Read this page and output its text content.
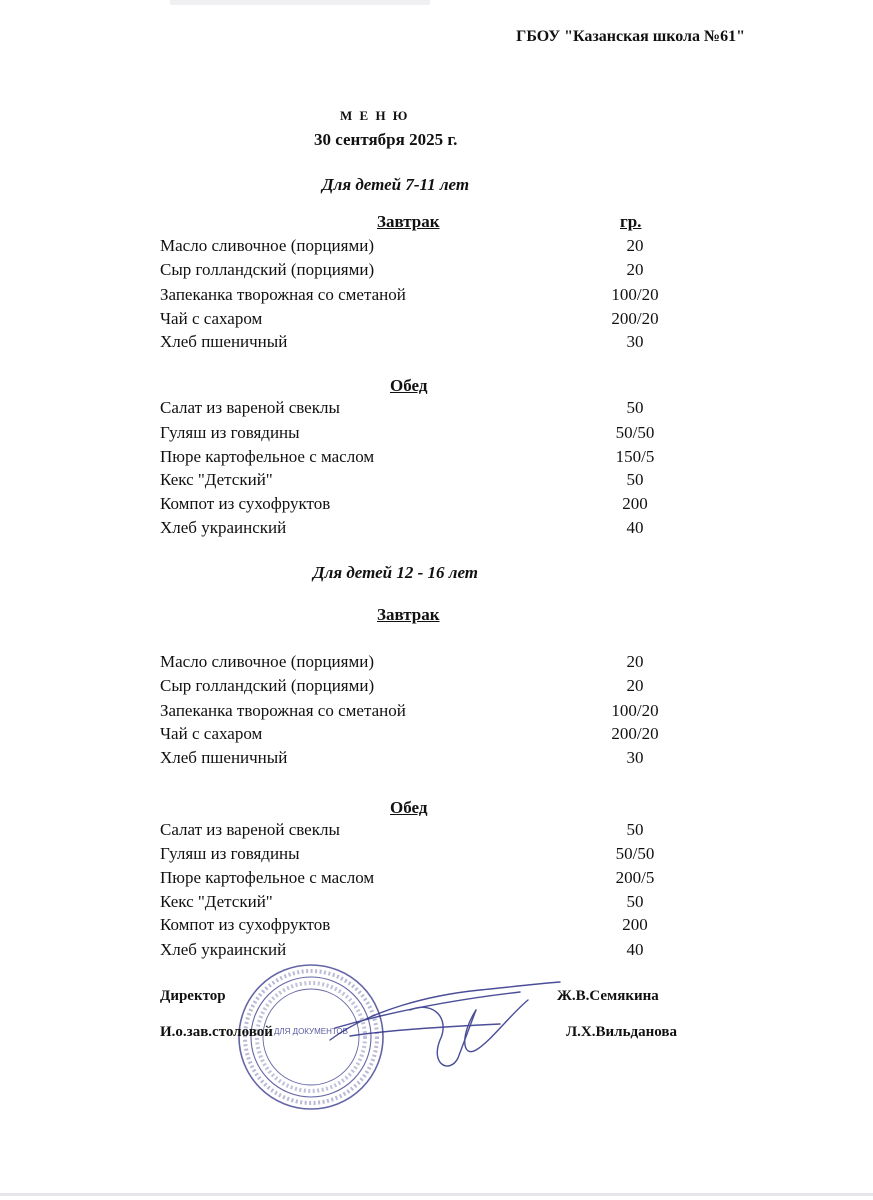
ГБОУ "Казанская школа №61"
М Е Н Ю
30 сентября 2025 г.
Для детей 7-11 лет
Завтрак	гр.
Масло сливочное (порциями)	20
Сыр голландский (порциями)	20
Запеканка творожная со сметаной	100/20
Чай с сахаром	200/20
Хлеб пшеничный	30
Обед
Салат из вареной свеклы	50
Гуляш из говядины	50/50
Пюре картофельное с маслом	150/5
Кекс "Детский"	50
Компот из сухофруктов	200
Хлеб украинский	40
Для детей 12 - 16 лет
Завтрак
Масло сливочное (порциями)	20
Сыр голландский (порциями)	20
Запеканка творожная со сметаной	100/20
Чай с сахаром	200/20
Хлеб пшеничный	30
Обед
Салат из вареной свеклы	50
Гуляш из говядины	50/50
Пюре картофельное с маслом	200/5
Кекс "Детский"	50
Компот из сухофруктов	200
Хлеб украинский	40
ДЛЯ ДОКУМЕНТОВ
Директор	Ж.В.Семякина
И.о.зав.столовой	Л.Х.Вильданова
